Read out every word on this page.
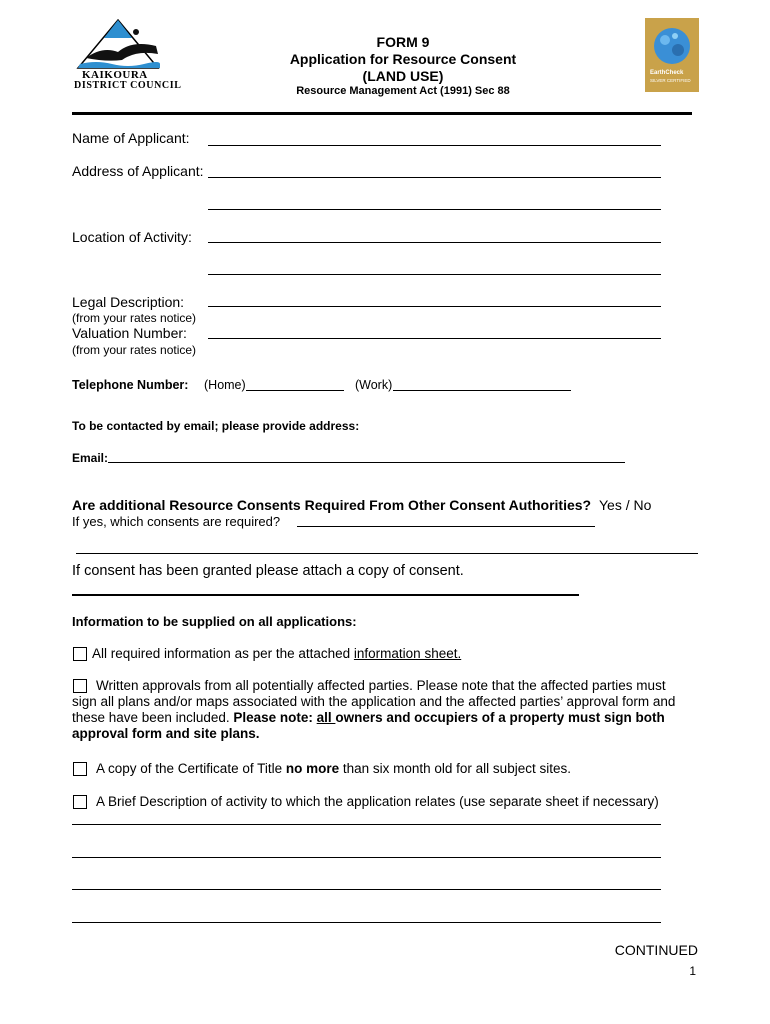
KAIKOURA
DISTRICT COUNCIL
FORM 9
Application for Resource Consent
(LAND USE)
Resource Management Act (1991) Sec 88
EarthCheck
SILVER CERTIFIED
Name of Applicant:
Address of Applicant:
Location of Activity:
Legal Description:
(from your rates notice)
Valuation Number:
(from your rates notice)
Telephone Number: (Home)	(Work)
To be contacted by email; please provide address:
Email:
Are additional Resource Consents Required From Other Consent Authorities? Yes / No
If yes, which consents are required?
If consent has been granted please attach a copy of consent.
Information to be supplied on all applications:
All required information as per the attached information sheet.
Written approvals from all potentially affected parties. Please note that the affected parties must
sign all plans and/or maps associated with the application and the affected parties’ approval form and
these have been included. Please note: all owners and occupiers of a property must sign both
approval form and site plans.
A copy of the Certificate of Title no more than six month old for all subject sites.
A Brief Description of activity to which the application relates (use separate sheet if necessary)
CONTINUED
1
